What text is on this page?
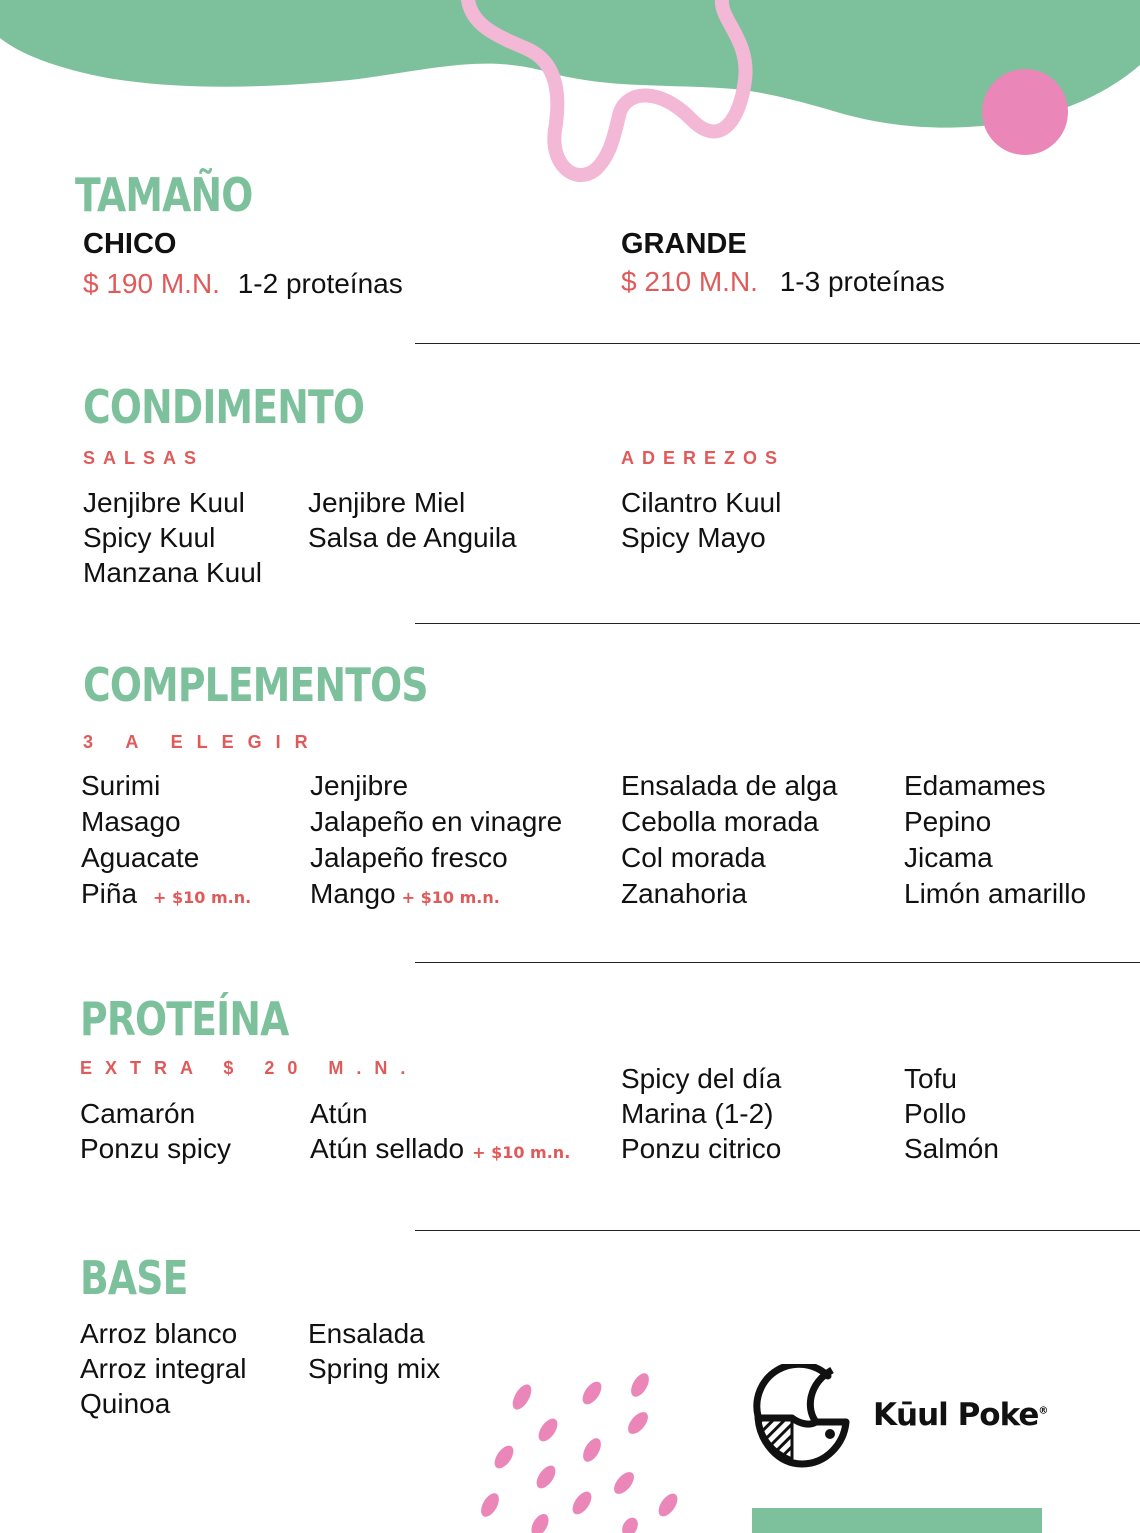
TAMAÑO
CHICO
$ 190 M.N. 1-2 proteínas
GRANDE
$ 210 M.N. 1-3 proteínas
CONDIMENTO
SALSAS	ADEREZOS
Jenjibre Kuul
Spicy Kuul
Manzana Kuul
Jenjibre Miel
Salsa de Anguila
Cilantro Kuul
Spicy Mayo
COMPLEMENTOS
3 A ELEGIR
Surimi
Masago
Aguacate
Piña + $10 m.n.
Jenjibre
Jalapeño en vinagre
Jalapeño fresco
Mango + $10 m.n.
Ensalada de alga
Cebolla morada
Col morada
Zanahoria
Edamames
Pepino
Jicama
Limón amarillo
PROTEÍNA
EXTRA $ 20 M.N.
Camarón
Ponzu spicy
Atún
Atún sellado + $10 m.n.
Spicy del día
Marina (1-2)
Ponzu citrico
Tofu
Pollo
Salmón
BASE
Arroz blanco
Arroz integral
Quinoa
Ensalada
Spring mix
Kūul Poke®
